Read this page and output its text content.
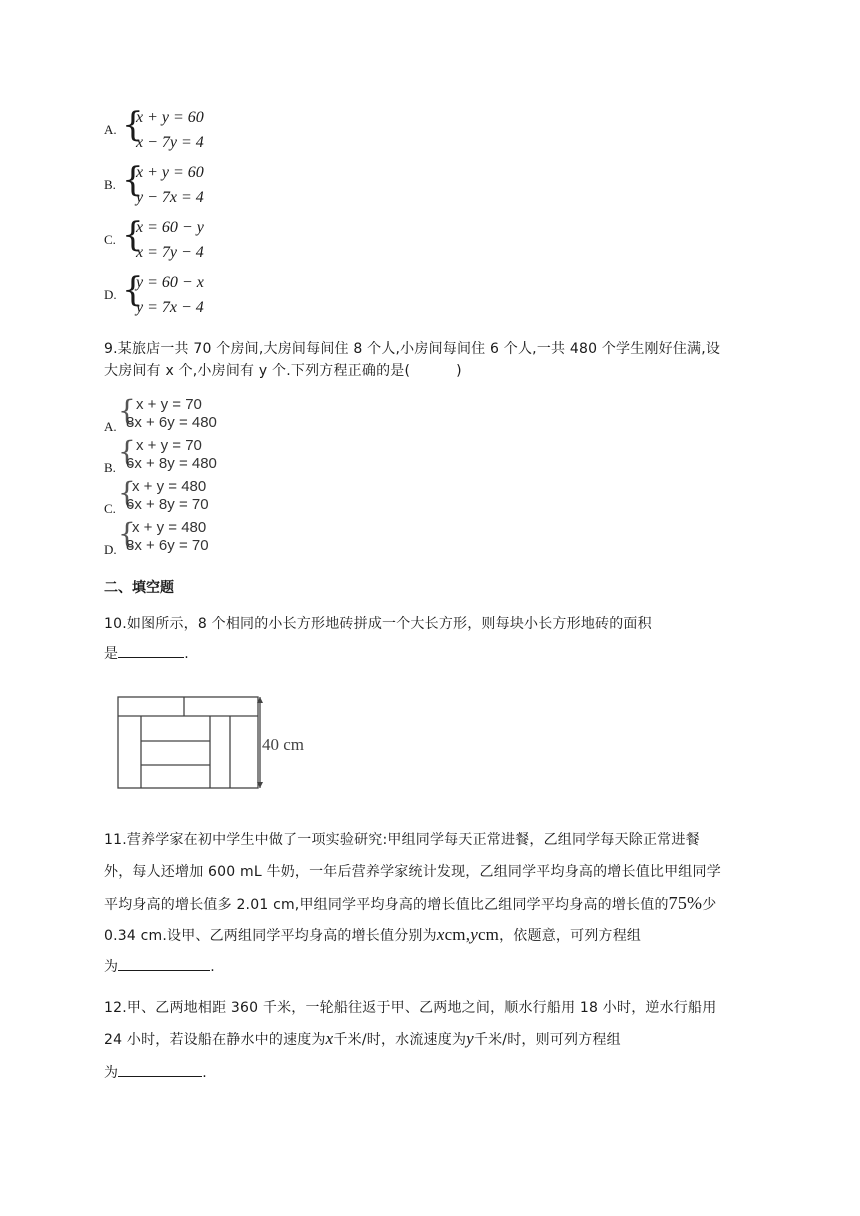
A. {
x + y = 60
x − 7y = 4
B. {
x + y = 60
y − 7x = 4
C. {
x = 60 − y
x = 7y − 4
D. {
y = 60 − x
y = 7x − 4
9.某旅店一共 70 个房间,大房间每间住 8 个人,小房间每间住 6 个人,一共 480 个学生刚好住满,设
大房间有 x 个,小房间有 y 个.下列方程正确的是(	)
A. { x + y = 70
8x + 6y = 480
B. { x + y = 70
6x + 8y = 480
C. {
x + y = 480
6x + 8y = 70
D. {
x + y = 480
8x + 6y = 70
二、填空题
10.如图所示，8 个相同的小长方形地砖拼成一个大长方形，则每块小长方形地砖的面积
是	.
40 cm
11.营养学家在初中学生中做了一项实验研究:甲组同学每天正常进餐，乙组同学每天除正常进餐
外，每人还增加 600 mL 牛奶，一年后营养学家统计发现，乙组同学平均身高的增长值比甲组同学
平均身高的增长值多 2.01 cm,甲组同学平均身高的增长值比乙组同学平均身高的增长值的75%少
0.34 cm.设甲、乙两组同学平均身高的增长值分别为xcm,ycm，依题意，可列方程组
为	.
12.甲、乙两地相距 360 千米，一轮船往返于甲、乙两地之间，顺水行船用 18 小时，逆水行船用
24 小时，若设船在静水中的速度为x千米/时，水流速度为y千米/时，则可列方程组
为	.
